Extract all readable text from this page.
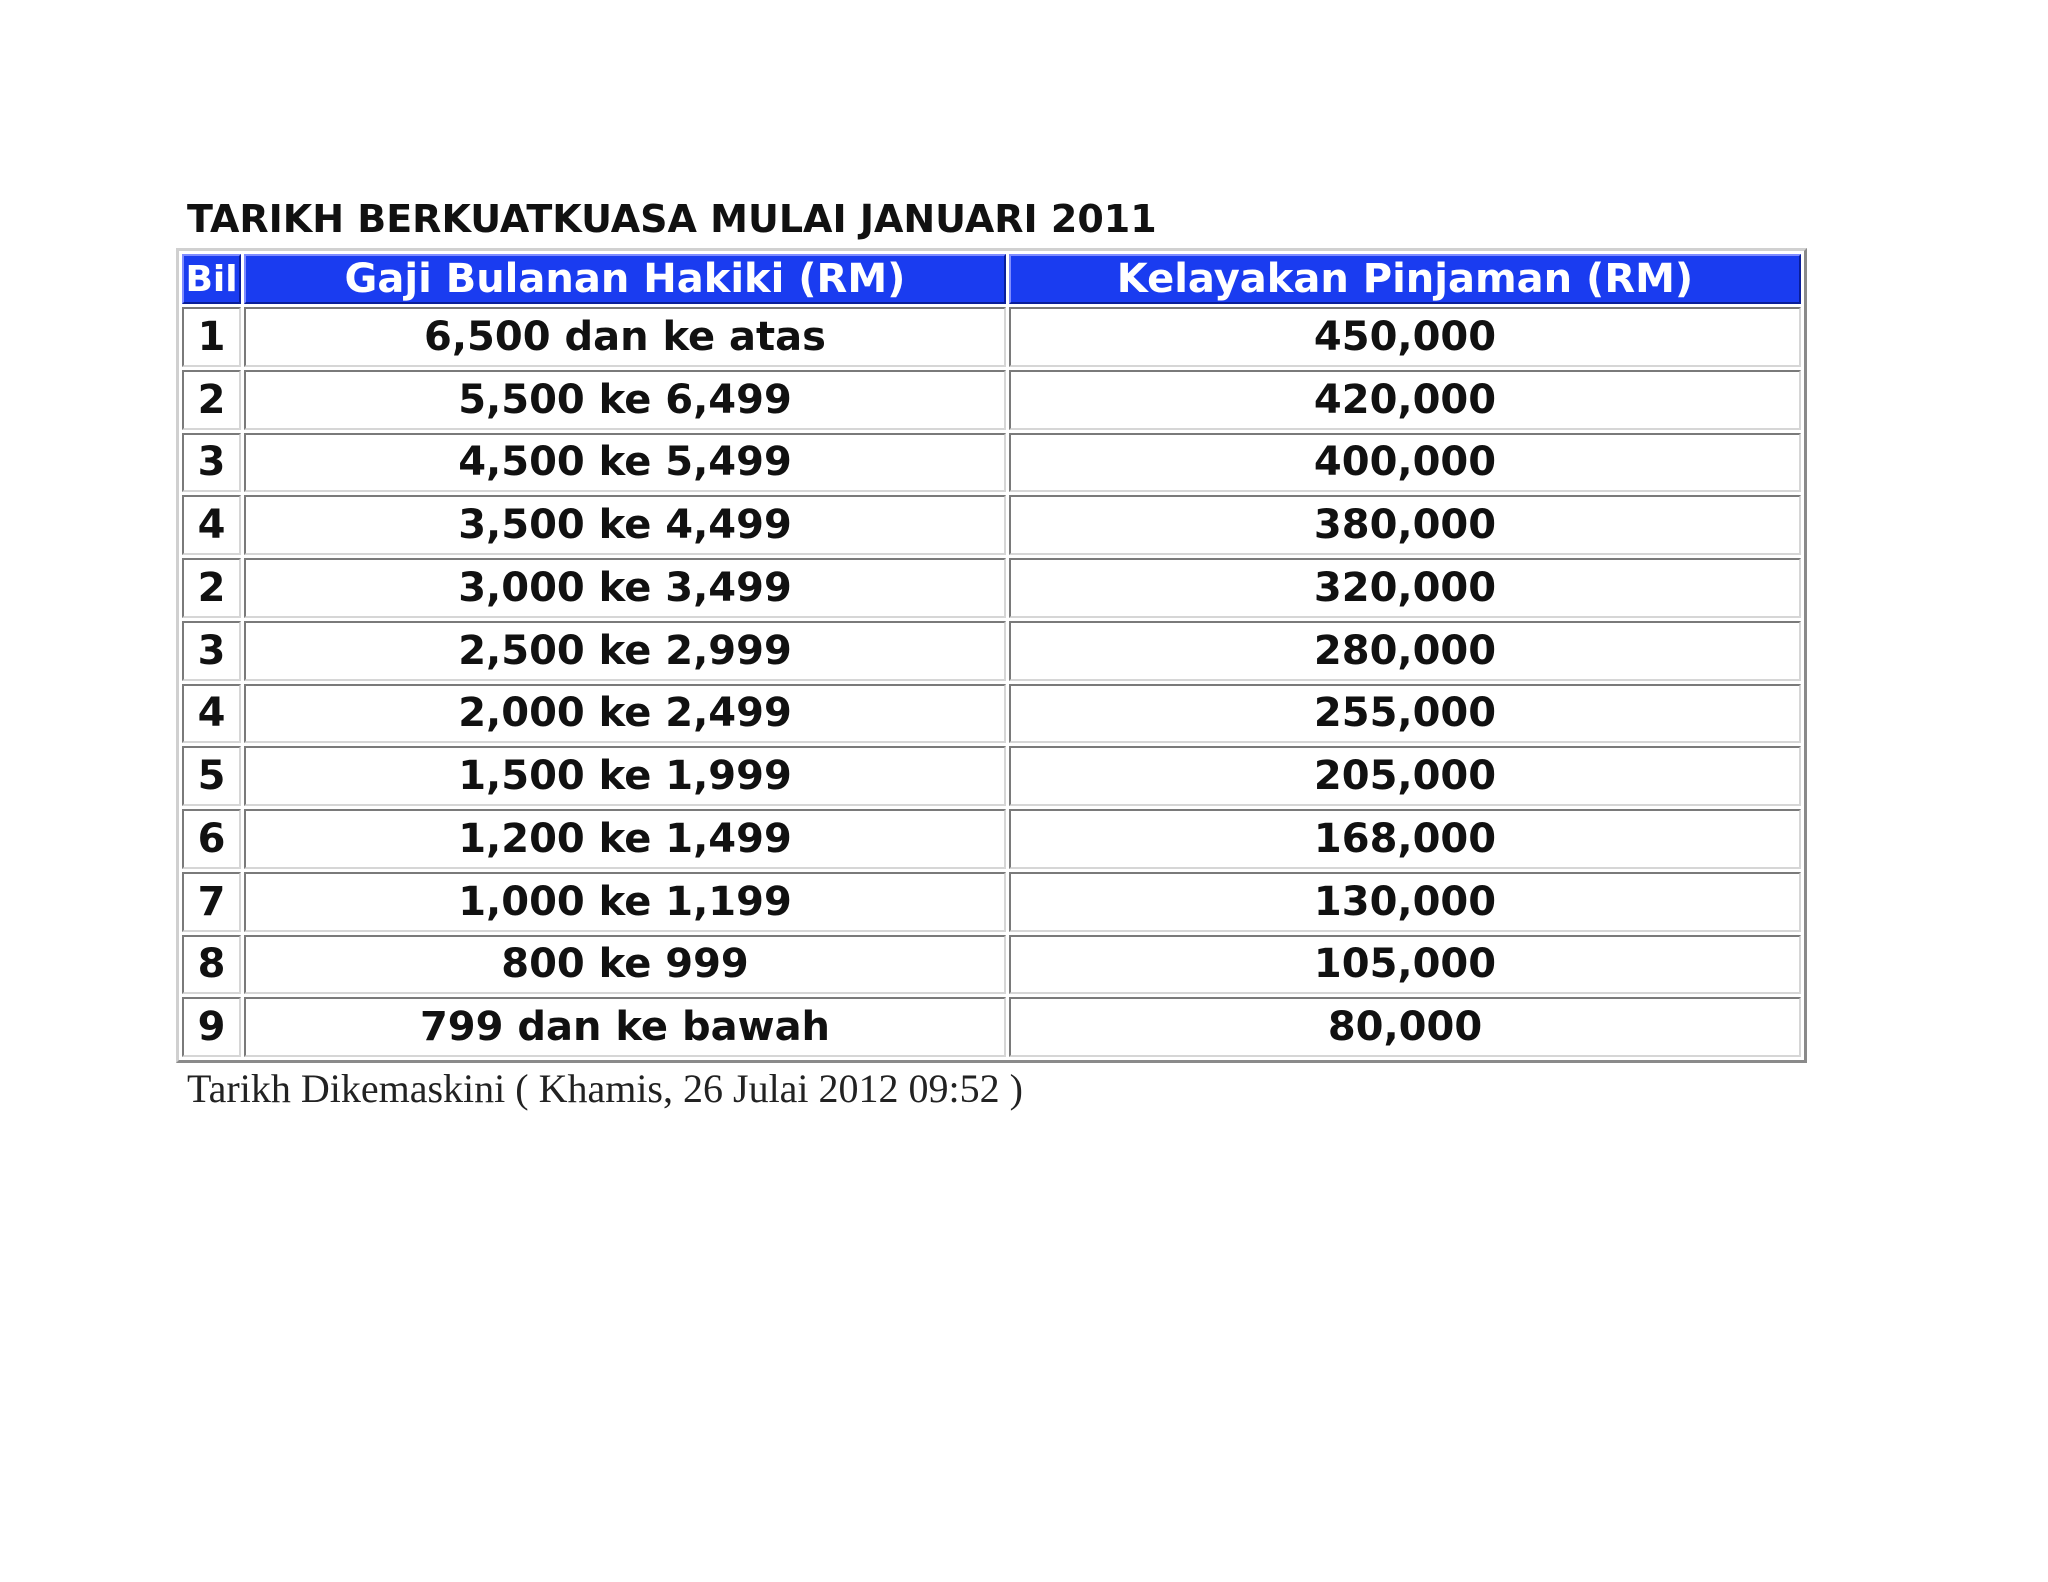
TARIKH BERKUATKUASA MULAI JANUARI 2011
Bil	Gaji Bulanan Hakiki (RM)	Kelayakan Pinjaman (RM)
1	6,500 dan ke atas	450,000
2	5,500 ke 6,499	420,000
3	4,500 ke 5,499	400,000
4	3,500 ke 4,499	380,000
2	3,000 ke 3,499	320,000
3	2,500 ke 2,999	280,000
4	2,000 ke 2,499	255,000
5	1,500 ke 1,999	205,000
6	1,200 ke 1,499	168,000
7	1,000 ke 1,199	130,000
8	800 ke 999	105,000
9	799 dan ke bawah	80,000

Tarikh Dikemaskini ( Khamis, 26 Julai 2012 09:52 )
